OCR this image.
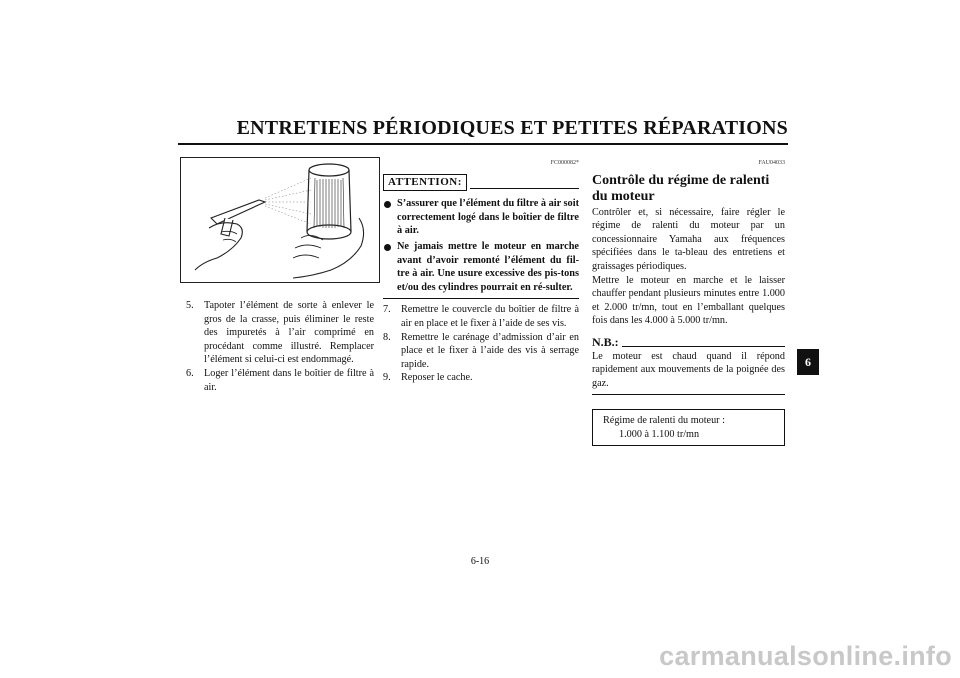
ENTRETIENS PÉRIODIQUES ET PETITES RÉPARATIONS

5. Tapoter l’élément de sorte à enlever le gros de la crasse, puis éliminer le reste des impuretés à l’air comprimé en procédant comme illustré. Remplacer l’élément si celui-ci est endommagé.

6. Loger l’élément dans le boîtier de filtre à air.

FC000082*
ATTENTION:
S’assurer que l’élément du filtre à air soit correctement logé dans le boîtier de filtre à air.
Ne jamais mettre le moteur en marche avant d’avoir remonté l’élément du fil-tre à air. Une usure excessive des pis-tons et/ou des cylindres pourrait en ré-sulter.

7. Remettre le couvercle du boîtier de filtre à air en place et le fixer à l’aide de ses vis.

8. Remettre le carénage d’admission d’air en place et le fixer à l’aide des vis à serrage rapide.

9. Reposer le cache.

FAU04033
Contrôle du régime de ralenti du moteur

Contrôler et, si nécessaire, faire régler le régime de ralenti du moteur par un concessionnaire Yamaha aux fréquences spécifiées dans le ta-bleau des entretiens et graissages périodiques.

Mettre le moteur en marche et le laisser chauffer pendant plusieurs minutes entre 1.000 et 2.000 tr/mn, tout en l’emballant quelques fois dans les 4.000 à 5.000 tr/mn.

N.B.:

Le moteur est chaud quand il répond rapidement aux mouvements de la poignée des gaz.

Régime de ralenti du moteur :
1.000 à 1.100 tr/mn
6
6-16
carmanualsonline.info
